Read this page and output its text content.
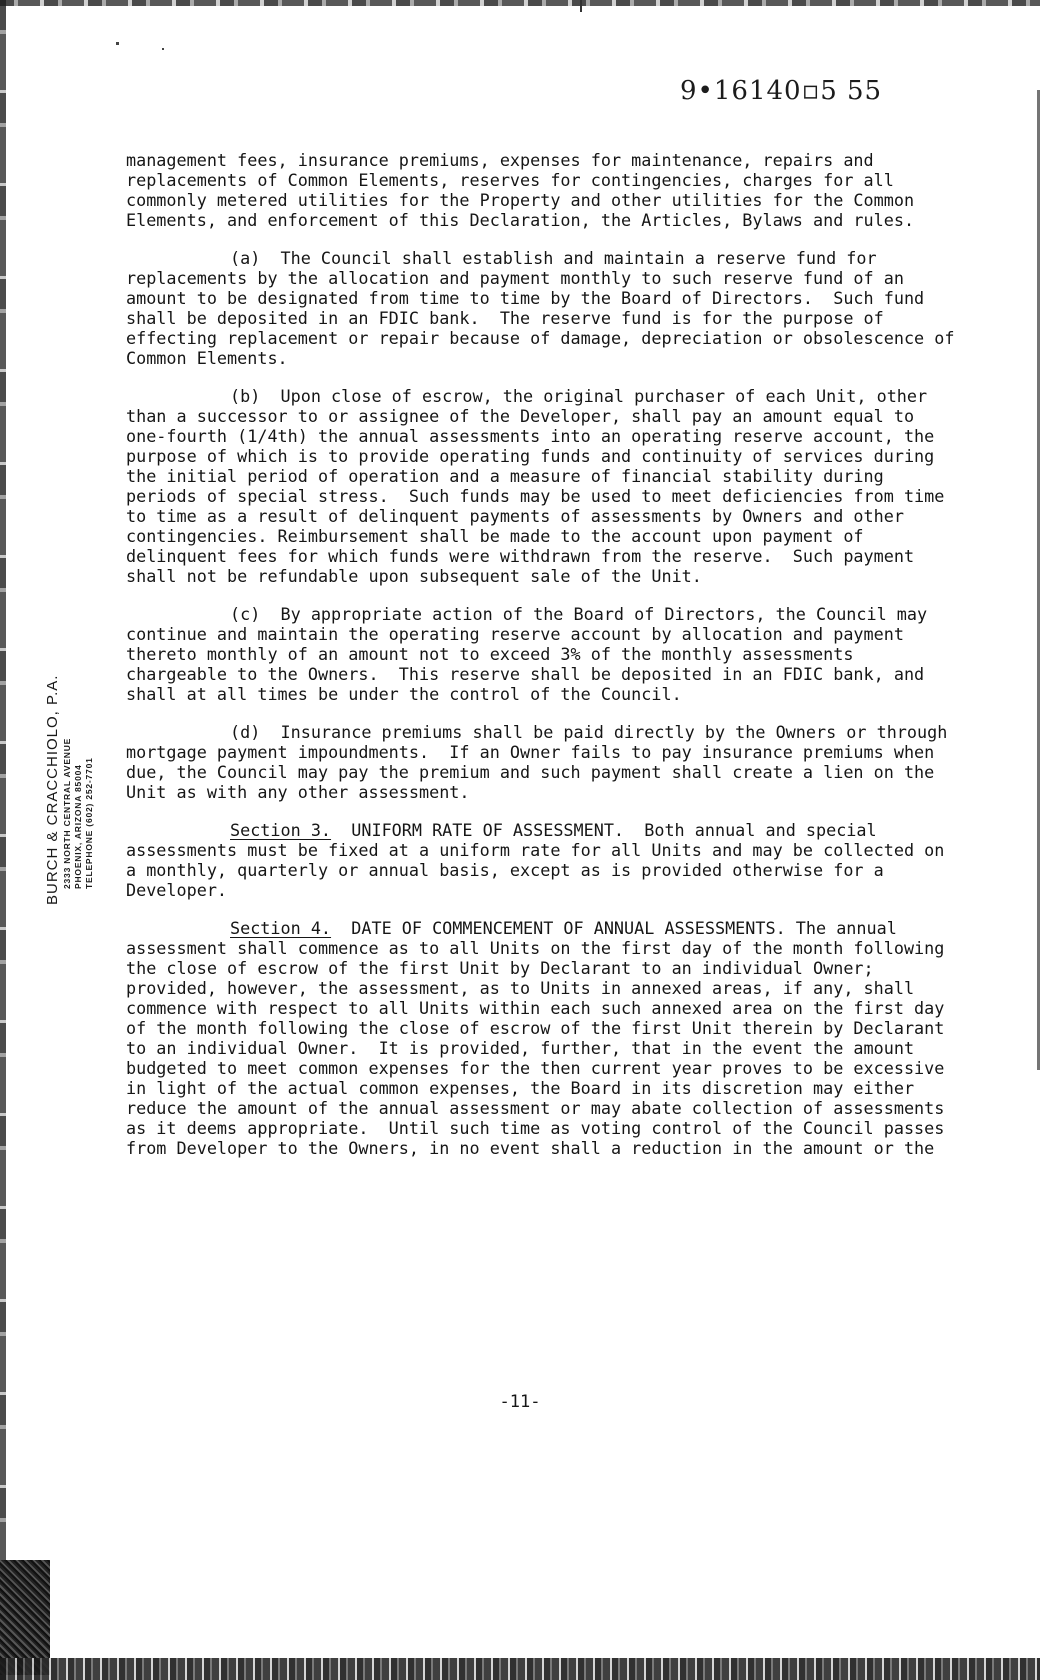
9•16140▫5 55
BURCH & CRACCHIOLO, P.A. 2333 NORTH CENTRAL AVENUE PHOENIX, ARIZONA 85004 TELEPHONE (602) 252-7701

management fees, insurance premiums, expenses for maintenance, repairs and replacements of Common Elements, reserves for contingencies, charges for all commonly metered utilities for the Property and other utilities for the Common Elements, and enforcement of this Declaration, the Articles, Bylaws and rules.

(a)  The Council shall establish and maintain a reserve fund for replacements by the allocation and payment monthly to such reserve fund of an amount to be designated from time to time by the Board of Directors.  Such fund shall be deposited in an FDIC bank.  The reserve fund is for the purpose of effecting replacement or repair because of damage, depreciation or obsolescence of Common Elements.

(b)  Upon close of escrow, the original purchaser of each Unit, other than a successor to or assignee of the Developer, shall pay an amount equal to one-fourth (1/4th) the annual assessments into an operating reserve account, the purpose of which is to provide operating funds and continuity of services during the initial period of operation and a measure of financial stability during periods of special stress.  Such funds may be used to meet deficiencies from time to time as a result of delinquent payments of assessments by Owners and other contingencies. Reimbursement shall be made to the account upon payment of delinquent fees for which funds were withdrawn from the reserve.  Such payment shall not be refundable upon subsequent sale of the Unit.

(c)  By appropriate action of the Board of Directors, the Council may continue and maintain the operating reserve account by allocation and payment thereto monthly of an amount not to exceed 3% of the monthly assessments chargeable to the Owners.  This reserve shall be deposited in an FDIC bank, and shall at all times be under the control of the Council.

(d)  Insurance premiums shall be paid directly by the Owners or through mortgage payment impoundments.  If an Owner fails to pay insurance premiums when due, the Council may pay the premium and such payment shall create a lien on the Unit as with any other assessment.

Section 3.  UNIFORM RATE OF ASSESSMENT.  Both annual and special assessments must be fixed at a uniform rate for all Units and may be collected on a monthly, quarterly or annual basis, except as is provided otherwise for a Developer.

Section 4.  DATE OF COMMENCEMENT OF ANNUAL ASSESSMENTS. The annual assessment shall commence as to all Units on the first day of the month following the close of escrow of the first Unit by Declarant to an individual Owner; provided, however, the assessment, as to Units in annexed areas, if any, shall commence with respect to all Units within each such annexed area on the first day of the month following the close of escrow of the first Unit therein by Declarant to an individual Owner.  It is provided, further, that in the event the amount budgeted to meet common expenses for the then current year proves to be excessive in light of the actual common expenses, the Board in its discretion may either reduce the amount of the annual assessment or may abate collection of assessments as it deems appropriate.  Until such time as voting control of the Council passes from Developer to the Owners, in no event shall a reduction in the amount or the

-11-
